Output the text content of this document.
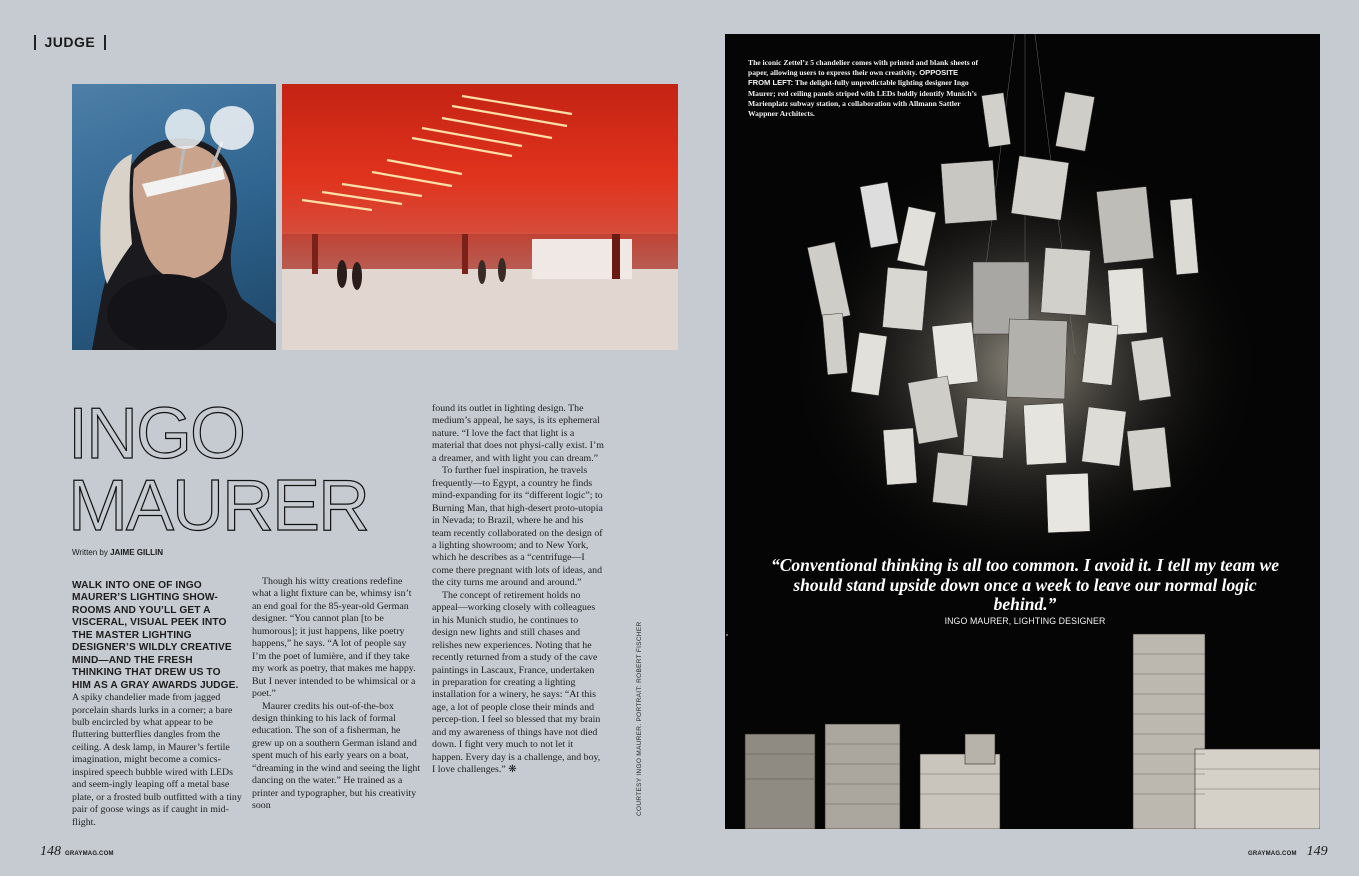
JUDGE
INGO
MAURER
Written by JAIME GILLIN

WALK INTO ONE OF INGO MAURER’S LIGHTING SHOW-ROOMS AND YOU’LL GET A VISCERAL, VISUAL PEEK INTO THE MASTER LIGHTING DESIGNER’S WILDLY CREATIVE MIND—AND THE FRESH THINKING THAT DREW US TO HIM AS A GRAY AWARDS JUDGE. A spiky chandelier made from jagged porcelain shards lurks in a corner; a bare bulb encircled by what appear to be fluttering butterflies dangles from the ceiling. A desk lamp, in Maurer’s fertile imagination, might become a comics-inspired speech bubble wired with LEDs and seem-ingly leaping off a metal base plate, or a frosted bulb outfitted with a tiny pair of goose wings as if caught in mid-flight.

Though his witty creations redefine what a light fixture can be, whimsy isn’t an end goal for the 85-year-old German designer. “You cannot plan [to be humorous]; it just happens, like poetry happens,” he says. “A lot of people say I’m the poet of lumière, and if they take my work as poetry, that makes me happy. But I never intended to be whimsical or a poet.”

Maurer credits his out-of-the-box design thinking to his lack of formal education. The son of a fisherman, he grew up on a southern German island and spent much of his early years on a boat, “dreaming in the wind and seeing the light dancing on the water.” He trained as a printer and typographer, but his creativity soon

found its outlet in lighting design. The medium’s appeal, he says, is its ephemeral nature. “I love the fact that light is a material that does not physi-cally exist. I’m a dreamer, and with light you can dream.”

To further fuel inspiration, he travels frequently—to Egypt, a country he finds mind-expanding for its “different logic”; to Burning Man, that high-desert proto-utopia in Nevada; to Brazil, where he and his team recently collaborated on the design of a lighting showroom; and to New York, which he describes as a “centrifuge—I come there pregnant with lots of ideas, and the city turns me around and around.”

The concept of retirement holds no appeal—working closely with colleagues in his Munich studio, he continues to design new lights and still chases and relishes new experiences. Noting that he recently returned from a study of the cave paintings in Lascaux, France, undertaken in preparation for creating a lighting installation for a winery, he says: “At this age, a lot of people close their minds and percep-tion. I feel so blessed that my brain and my awareness of things have not died down. I fight very much to not let it happen. Every day is a challenge, and boy, I love challenges.” ❋	COURTESY INGO MAURER. PORTRAIT: ROBERT FISCHER
148 GRAYMAG.COM
The iconic Zettel’z 5 chandelier comes with printed and blank sheets of paper, allowing users to express their own creativity. OPPOSITE FROM LEFT: The delight-fully unpredictable lighting designer Ingo Maurer; red ceiling panels striped with LEDs boldly identify Munich’s Marienplatz subway station, a collaboration with Allmann Sattler Wappner Architects.
“Conventional thinking is all too common. I avoid it. I tell my team we should stand upside down once a week to leave our normal logic behind.”
INGO MAURER, LIGHTING DESIGNER
GRAYMAG.COM 149
